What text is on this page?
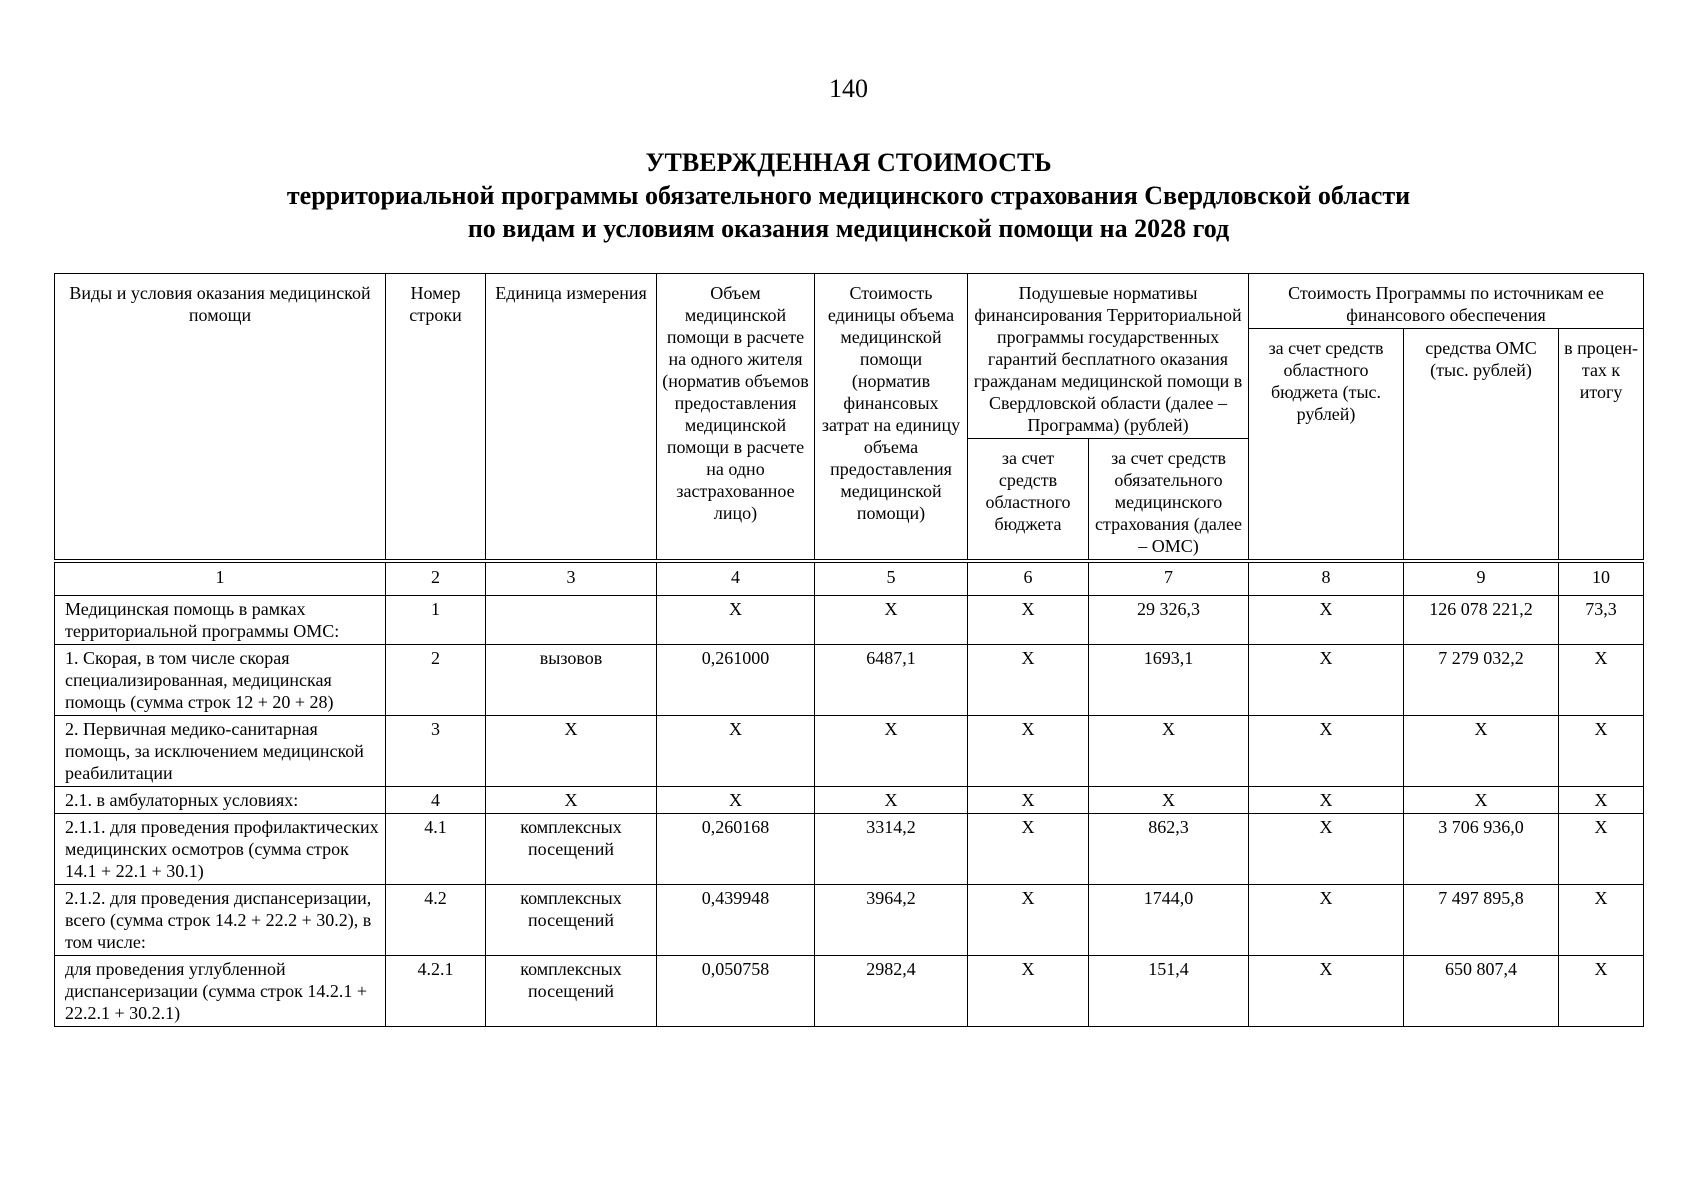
140
УТВЕРЖДЕННАЯ СТОИМОСТЬ
территориальной программы обязательного медицинского страхования Свердловской области
по видам и условиям оказания медицинской помощи на 2028 год
Виды и условия оказания медицинской помощи	Номер строки	Единица измерения	Объем медицинской помощи в расчете на одного жителя (норматив объемов предоставления медицинской помощи в расчете на одно застрахованное лицо)	Стоимость единицы объема медицинской помощи (норматив финансовых затрат на единицу объема предоставления медицинской помощи)	Подушевые нормативы финансирования Территориальной программы государственных гарантий бесплатного оказания гражданам медицинской помощи в Свердловской области (далее – Программа) (рублей)		Стоимость Программы по источникам ее финансового обеспечения		
							за счет средств областного бюджета (тыс. рублей)	средства ОМС (тыс. рублей)	в процен-тах к итогу
					за счет средств областного бюджета	за счет средств обязательного медицинского страхования (далее – ОМС)			

1	2	3	4	5	6	7	8	9	10
Медицинская помощь в рамках территориальной программы ОМС:	1		X	X	X	29 326,3	X	126 078 221,2	73,3
1. Скорая, в том числе скорая специализированная, медицинская помощь (сумма строк 12 + 20 + 28)	2	вызовов	0,261000	6487,1	X	1693,1	X	7 279 032,2	X
2. Первичная медико-санитарная помощь, за исключением медицинской реабилитации	3	X	X	X	X	X	X	X	X
2.1. в амбулаторных условиях:	4	X	X	X	X	X	X	X	X
2.1.1. для проведения профилактических медицинских осмотров (сумма строк 14.1 + 22.1 + 30.1)	4.1	комплексных посещений	0,260168	3314,2	X	862,3	X	3 706 936,0	X
2.1.2. для проведения диспансеризации, всего (сумма строк 14.2 + 22.2 + 30.2), в том числе:	4.2	комплексных посещений	0,439948	3964,2	X	1744,0	X	7 497 895,8	X
для проведения углубленной диспансеризации (сумма строк 14.2.1 + 22.2.1 + 30.2.1)	4.2.1	комплексных посещений	0,050758	2982,4	X	151,4	X	650 807,4	X
